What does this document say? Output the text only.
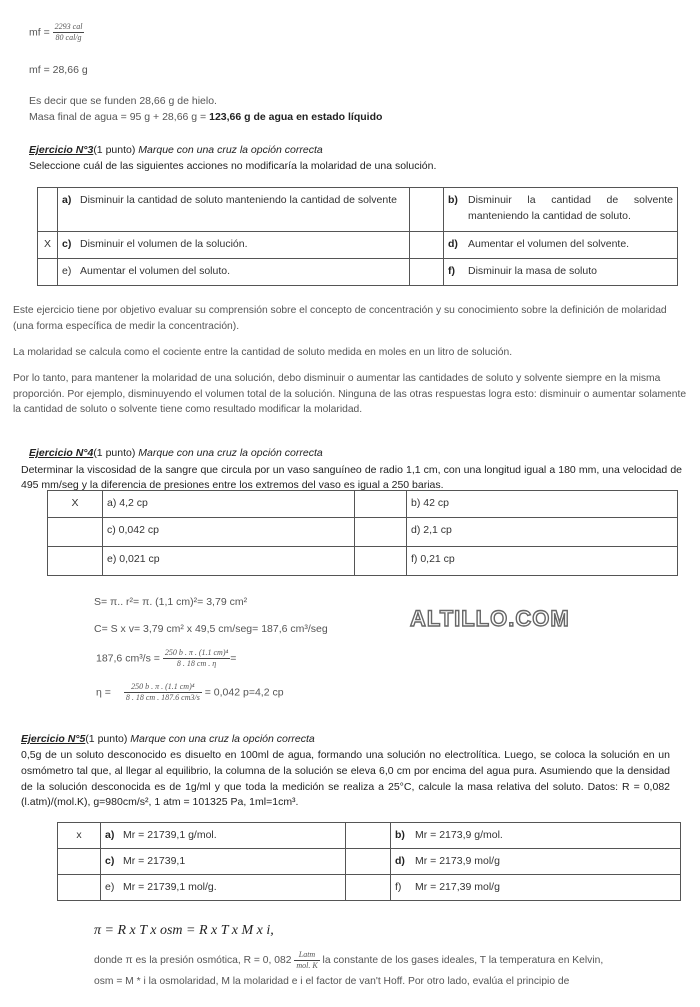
mf = $\frac{\text{2293 cal}}{\text{80 cal/g}}$
mf = 28,66 g
Es decir que se funden 28,66 g de hielo.
Masa final de agua = 95 g + 28,66 g = 123,66 g de agua en estado líquido
Ejercicio N°3(1 punto) Marque con una cruz la opción correcta
Seleccione cuál de las siguientes acciones no modificaría la molaridad de una solución.

	a) Disminuir la cantidad de soluto manteniendo la cantidad de solvente		b) Disminuir la cantidad de solvente manteniendo la cantidad de soluto.

X	c) Disminuir el volumen de la solución.		d) Aumentar el volumen del solvente.
	e) Aumentar el volumen del soluto.		f) Disminuir la masa de soluto
Este ejercicio tiene por objetivo evaluar su comprensión sobre el concepto de concentración y su conocimiento sobre la definición de molaridad (una forma específica de medir la concentración).
La molaridad se calcula como el cociente entre la cantidad de soluto medida en moles en un litro de solución.
Por lo tanto, para mantener la molaridad de una solución, debo disminuir o aumentar las cantidades de soluto y solvente siempre en la misma proporción. Por ejemplo, disminuyendo el volumen total de la solución. Ninguna de las otras respuestas logra esto: disminuir o aumentar solamente la cantidad de soluto o solvente tiene como resultado modificar la molaridad.
Ejercicio N°4(1 punto) Marque con una cruz la opción correcta
Determinar la viscosidad de la sangre que circula por un vaso sanguíneo de radio 1,1 cm, con una longitud igual a 180 mm, una velocidad de 495 mm/seg y la diferencia de presiones entre los extremos del vaso es igual a 250 barias.
X	a) 4,2 cp		b) 42 cp
	c) 0,042 cp		d) 2,1 cp
	e) 0,021 cp		f) 0,21 cp
S= π.. r²= π. (1,1 cm)²= 3,79 cm²
C= S x v= 3,79 cm² x 49,5 cm/seg= 187,6 cm³/seg
187,6 $cm^3/s = \frac{\text{250 b . π . (1.1 cm)⁴}}{8 . 18 cm . \eta}$ =
$\eta = \frac{\text{250 b . π . (1.1 cm)⁴}}{8 . 18 cm . 187.6 cm3/s} = 0,042$ p=4,2 cp
ALTILLO.COM
Ejercicio N°5(1 punto) Marque con una cruz la opción correcta
0,5g de un soluto desconocido es disuelto en 100ml de agua, formando una solución no electrolítica. Luego, se coloca la solución en un osmómetro tal que, al llegar al equilibrio, la columna de la solución se eleva 6,0 cm por encima del agua pura. Asumiendo que la densidad de la solución desconocida es de 1g/ml y que toda la medición se realiza a 25°C, calcule la masa relativa del soluto. Datos: R = 0,082 (l.atm)/(mol.K), g=980cm/s², 1 atm = 101325 Pa, 1ml=1cm³.
x	a) Mr = 21739,1 g/mol.		b) Mr = 2173,9 g/mol.
	c) Mr = 21739,1		d) Mr = 2173,9 mol/g
	e) Mr = 21739,1 mol/g.		f) Mr = 217,39 mol/g
π = R x T x osm = R x T x M x i,
donde π es la presión osmótica, R = 0, $082 \frac{\text{Latm}}{\text{mol. K}}$ la constante de los gases ideales, T la temperatura en Kelvin,
osm = M * i la osmolaridad, M la molaridad e i el factor de van't Hoff. Por otro lado, evalúa el principio de
